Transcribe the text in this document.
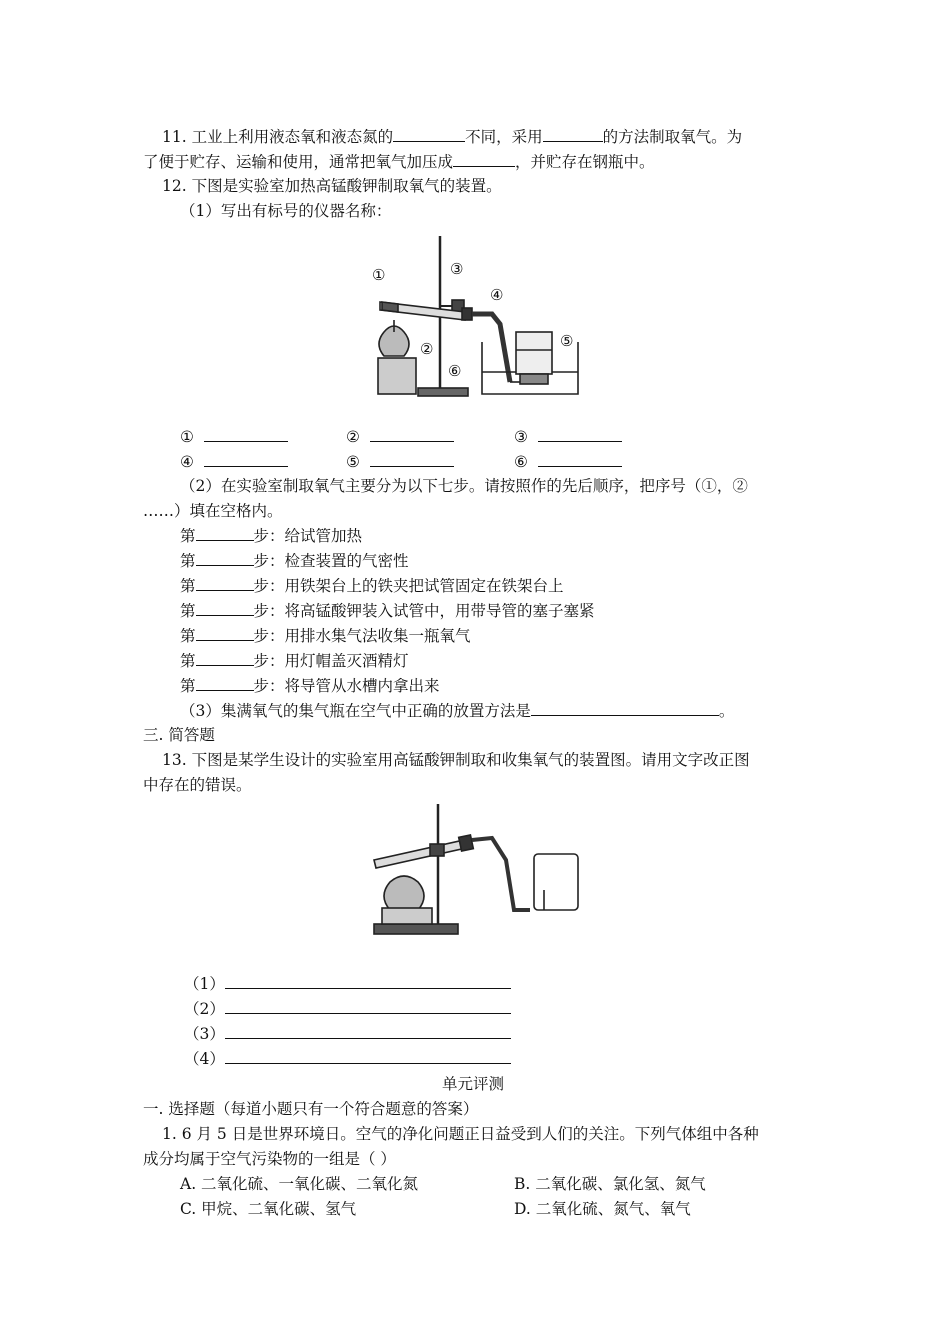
11. 工业上利用液态氧和液态氮的	不同，采用	的方法制取氧气。为
了便于贮存、运输和使用，通常把氧气加压成	，并贮存在钢瓶中。
12. 下图是实验室加热高锰酸钾制取氧气的装置。
（1）写出有标号的仪器名称：
①	③
④
②	⑤
⑥
①	②	③
④	⑤	⑥
（2）在实验室制取氧气主要分为以下七步。请按照作的先后顺序，把序号（①，②
……）填在空格内。
第	步：给试管加热
第	步：检查装置的气密性
第	步：用铁架台上的铁夹把试管固定在铁架台上
第	步：将高锰酸钾装入试管中，用带导管的塞子塞紧
第	步：用排水集气法收集一瓶氧气
第	步：用灯帽盖灭酒精灯
第	步：将导管从水槽内拿出来
（3）集满氧气的集气瓶在空气中正确的放置方法是	。
三. 简答题
13. 下图是某学生设计的实验室用高锰酸钾制取和收集氧气的装置图。请用文字改正图
中存在的错误。
（1）
（2）
（3）
（4）
单元评测
一. 选择题（每道小题只有一个符合题意的答案）
1. 6 月 5 日是世界环境日。空气的净化问题正日益受到人们的关注。下列气体组中各种
成分均属于空气污染物的一组是（ ）
A. 二氧化硫、一氧化碳、二氧化氮	B. 二氧化碳、氯化氢、氮气
C. 甲烷、二氧化碳、氢气	D. 二氧化硫、氮气、氧气
